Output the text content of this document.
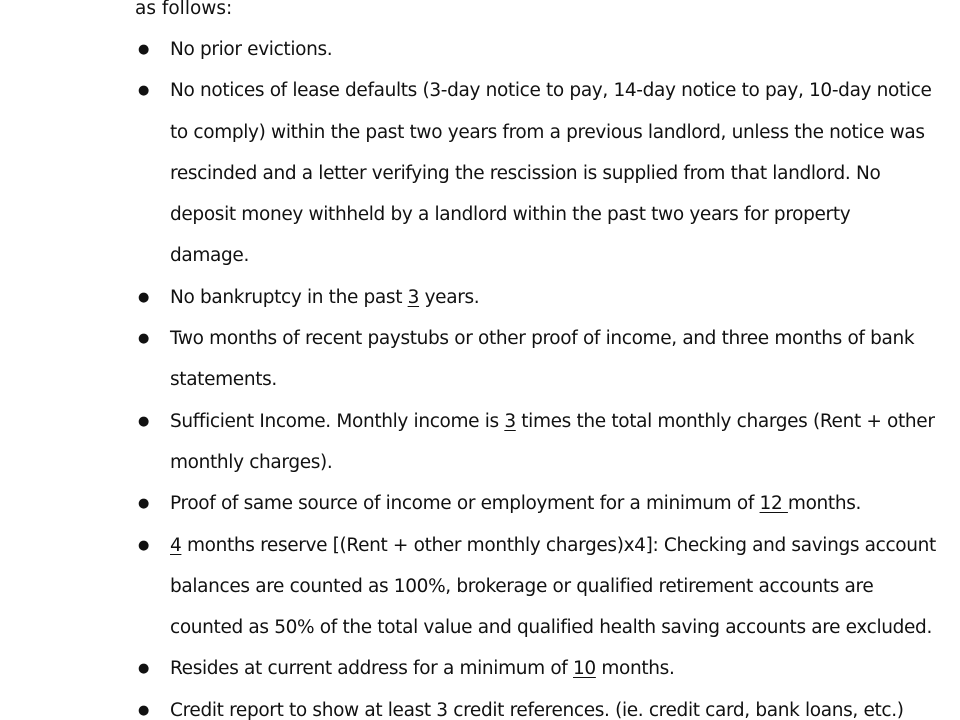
as follows:

● No prior evictions.
● No notices of lease defaults (3-day notice to pay, 14-day notice to pay, 10-day notice
to comply) within the past two years from a previous landlord, unless the notice was
rescinded and a letter verifying the rescission is supplied from that landlord. No
deposit money withheld by a landlord within the past two years for property
damage.
● No bankruptcy in the past 3 years.
● Two months of recent paystubs or other proof of income, and three months of bank
statements.
● Sufficient Income. Monthly income is 3 times the total monthly charges (Rent + other
monthly charges).
● Proof of same source of income or employment for a minimum of 12 months.
● 4 months reserve [(Rent + other monthly charges)x4]: Checking and savings account
balances are counted as 100%, brokerage or qualified retirement accounts are
counted as 50% of the total value and qualified health saving accounts are excluded.
● Resides at current address for a minimum of 10 months.
● Credit report to show at least 3 credit references. (ie. credit card, bank loans, etc.)
